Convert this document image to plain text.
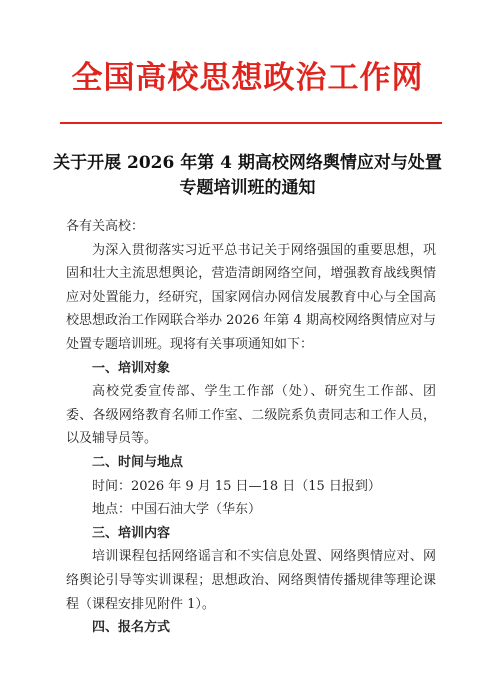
全国高校思想政治工作网
关于开展 2026 年第 4 期高校网络舆情应对与处置
专题培训班的通知

各有关高校：

为深入贯彻落实习近平总书记关于网络强国的重要思想，巩固和壮大主流思想舆论，营造清朗网络空间，增强教育战线舆情应对处置能力，经研究，国家网信办网信发展教育中心与全国高校思想政治工作网联合举办 2026 年第 4 期高校网络舆情应对与处置专题培训班。现将有关事项通知如下：

一、培训对象

高校党委宣传部、学生工作部（处）、研究生工作部、团委、各级网络教育名师工作室、二级院系负责同志和工作人员，以及辅导员等。

二、时间与地点

时间：2026 年 9 月 15 日—18 日（15 日报到）

地点：中国石油大学（华东）

三、培训内容

培训课程包括网络谣言和不实信息处置、网络舆情应对、网络舆论引导等实训课程；思想政治、网络舆情传播规律等理论课程（课程安排见附件 1）。

四、报名方式
